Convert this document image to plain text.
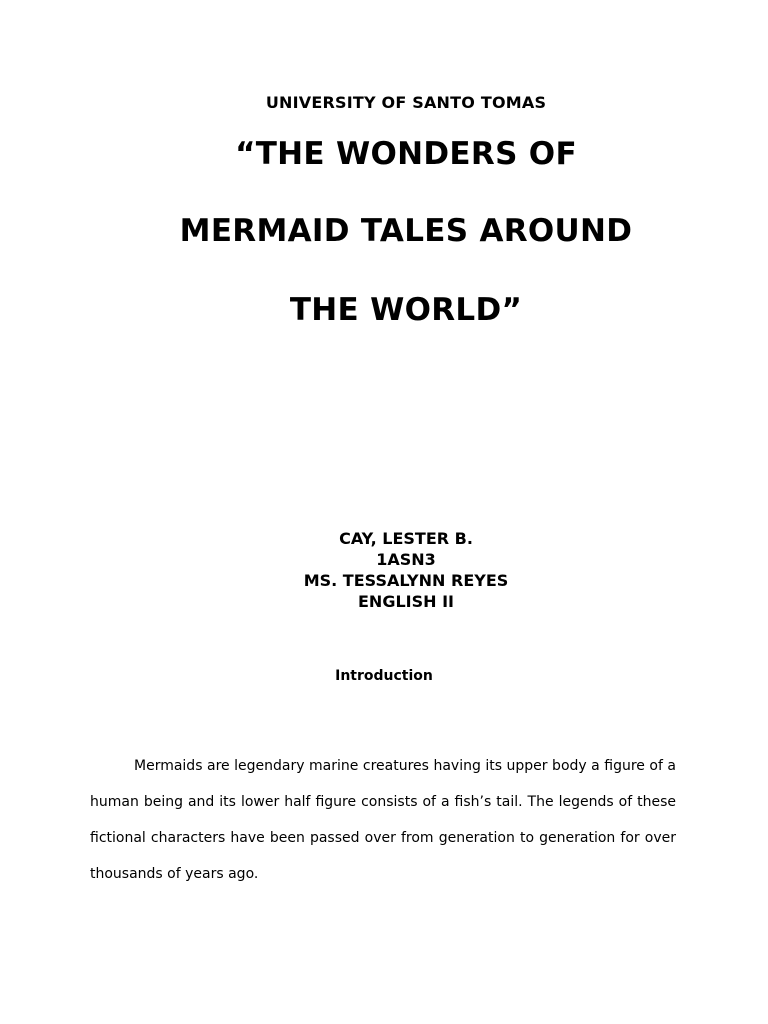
UNIVERSITY OF SANTO TOMAS
“THE WONDERS OF
MERMAID TALES AROUND
THE WORLD”
CAY, LESTER B.
1ASN3
MS. TESSALYNN REYES
ENGLISH II
Introduction

Mermaids are legendary marine creatures having its upper body a figure of a human being and its lower half figure consists of a fish’s tail. The legends of these fictional characters have been passed over from generation to generation for over thousands of years ago.
